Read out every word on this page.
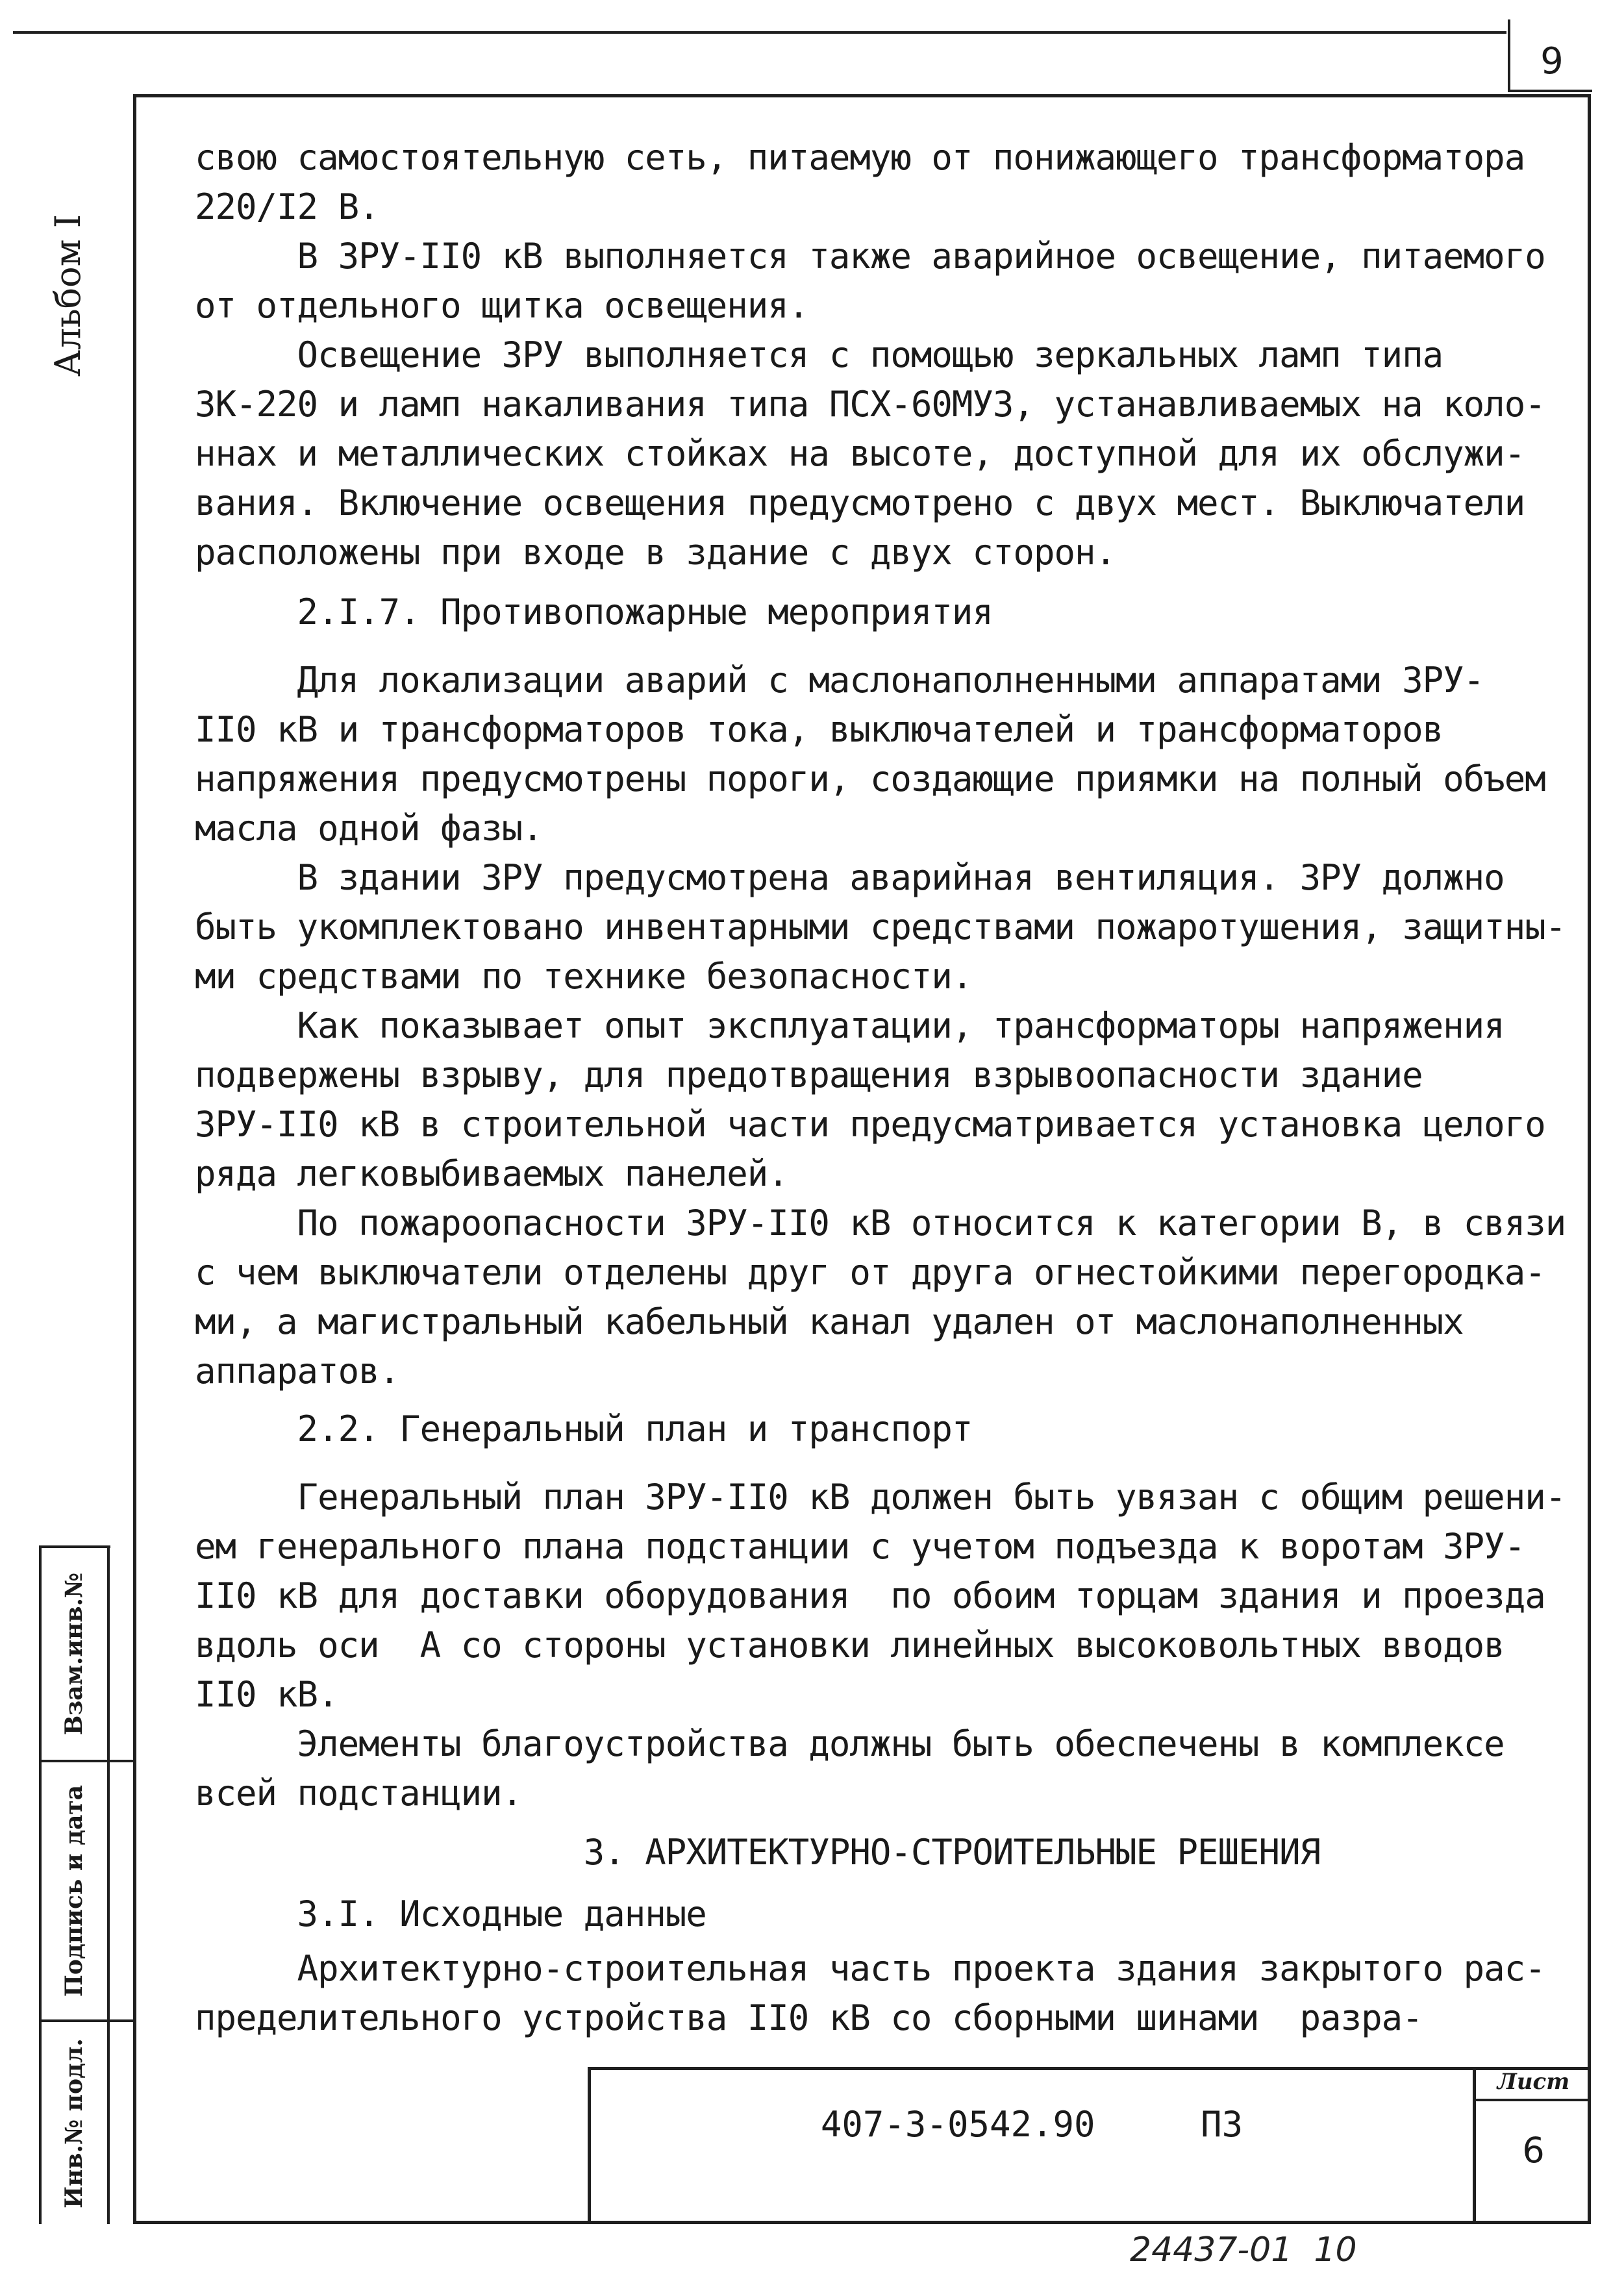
9
Альбом I
Взам.инв.№
Подпись и дата
Инв.№ подл.
свою самостоятельную сеть, питаемую от понижающего трансформатора
220/I2 В.
В ЗРУ-II0 кВ выполняется также аварийное освещение, питаемого
от отдельного щитка освещения.
Освещение ЗРУ выполняется с помощью зеркальных ламп типа
ЗК-220 и ламп накаливания типа ПСХ-60МУЗ, устанавливаемых на коло-
ннах и металлических стойках на высоте, доступной для их обслужи-
вания. Включение освещения предусмотрено с двух мест. Выключатели
расположены при входе в здание с двух сторон.
2.I.7. Противопожарные мероприятия
Для локализации аварий с маслонаполненными аппаратами ЗРУ-
II0 кВ и трансформаторов тока, выключателей и трансформаторов
напряжения предусмотрены пороги, создающие приямки на полный объем
масла одной фазы.
В здании ЗРУ предусмотрена аварийная вентиляция. ЗРУ должно
быть укомплектовано инвентарными средствами пожаротушения, защитны-
ми средствами по технике безопасности.
Как показывает опыт эксплуатации, трансформаторы напряжения
подвержены взрыву, для предотвращения взрывоопасности здание
ЗРУ-II0 кВ в строительной части предусматривается установка целого
ряда легковыбиваемых панелей.
По пожароопасности ЗРУ-II0 кВ относится к категории В, в связи
с чем выключатели отделены друг от друга огнестойкими перегородка-
ми, а магистральный кабельный канал удален от маслонаполненных
аппаратов.
2.2. Генеральный план и транспорт
Генеральный план ЗРУ-II0 кВ должен быть увязан с общим решени-
ем генерального плана подстанции с учетом подъезда к воротам ЗРУ-
II0 кВ для доставки оборудования  по обоим торцам здания и проезда
вдоль оси  А со стороны установки линейных высоковольтных вводов
II0 кВ.
Элементы благоустройства должны быть обеспечены в комплексе
всей подстанции.
3. АРХИТЕКТУРНО-СТРОИТЕЛЬНЫЕ РЕШЕНИЯ
3.I. Исходные данные
Архитектурно-строительная часть проекта здания закрытого рас-
пределительного устройства II0 кВ со сборными шинами  разра-
407-3-0542.90     ПЗ
Лист
6
24437-01  10
